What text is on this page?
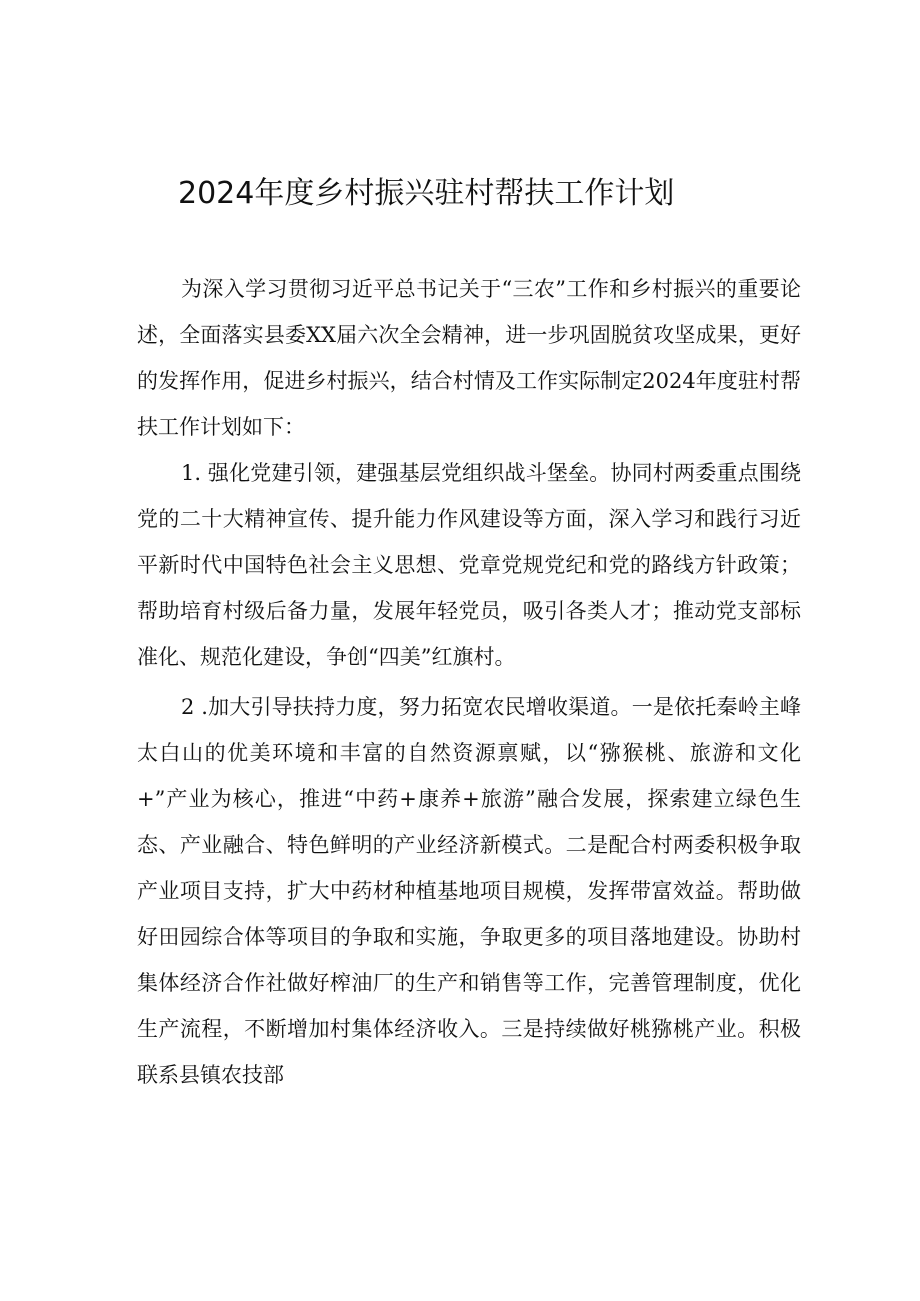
2024年度乡村振兴驻村帮扶工作计划

为深入学习贯彻习近平总书记关于“三农”工作和乡村振兴的重要论述，全面落实县委XX届六次全会精神，进一步巩固脱贫攻坚成果，更好的发挥作用，促进乡村振兴，结合村情及工作实际制定2024年度驻村帮扶工作计划如下：

1. 强化党建引领，建强基层党组织战斗堡垒。协同村两委重点围绕党的二十大精神宣传、提升能力作风建设等方面，深入学习和践行习近平新时代中国特色社会主义思想、党章党规党纪和党的路线方针政策；帮助培育村级后备力量，发展年轻党员，吸引各类人才；推动党支部标准化、规范化建设，争创“四美”红旗村。

2 .加大引导扶持力度，努力拓宽农民增收渠道。一是依托秦岭主峰太白山的优美环境和丰富的自然资源禀赋，以“猕猴桃、旅游和文化+”产业为核心，推进“中药+康养+旅游”融合发展，探索建立绿色生态、产业融合、特色鲜明的产业经济新模式。二是配合村两委积极争取产业项目支持，扩大中药材种植基地项目规模，发挥带富效益。帮助做好田园综合体等项目的争取和实施，争取更多的项目落地建设。协助村集体经济合作社做好榨油厂的生产和销售等工作，完善管理制度，优化生产流程，不断增加村集体经济收入。三是持续做好桃猕桃产业。积极联系县镇农技部
